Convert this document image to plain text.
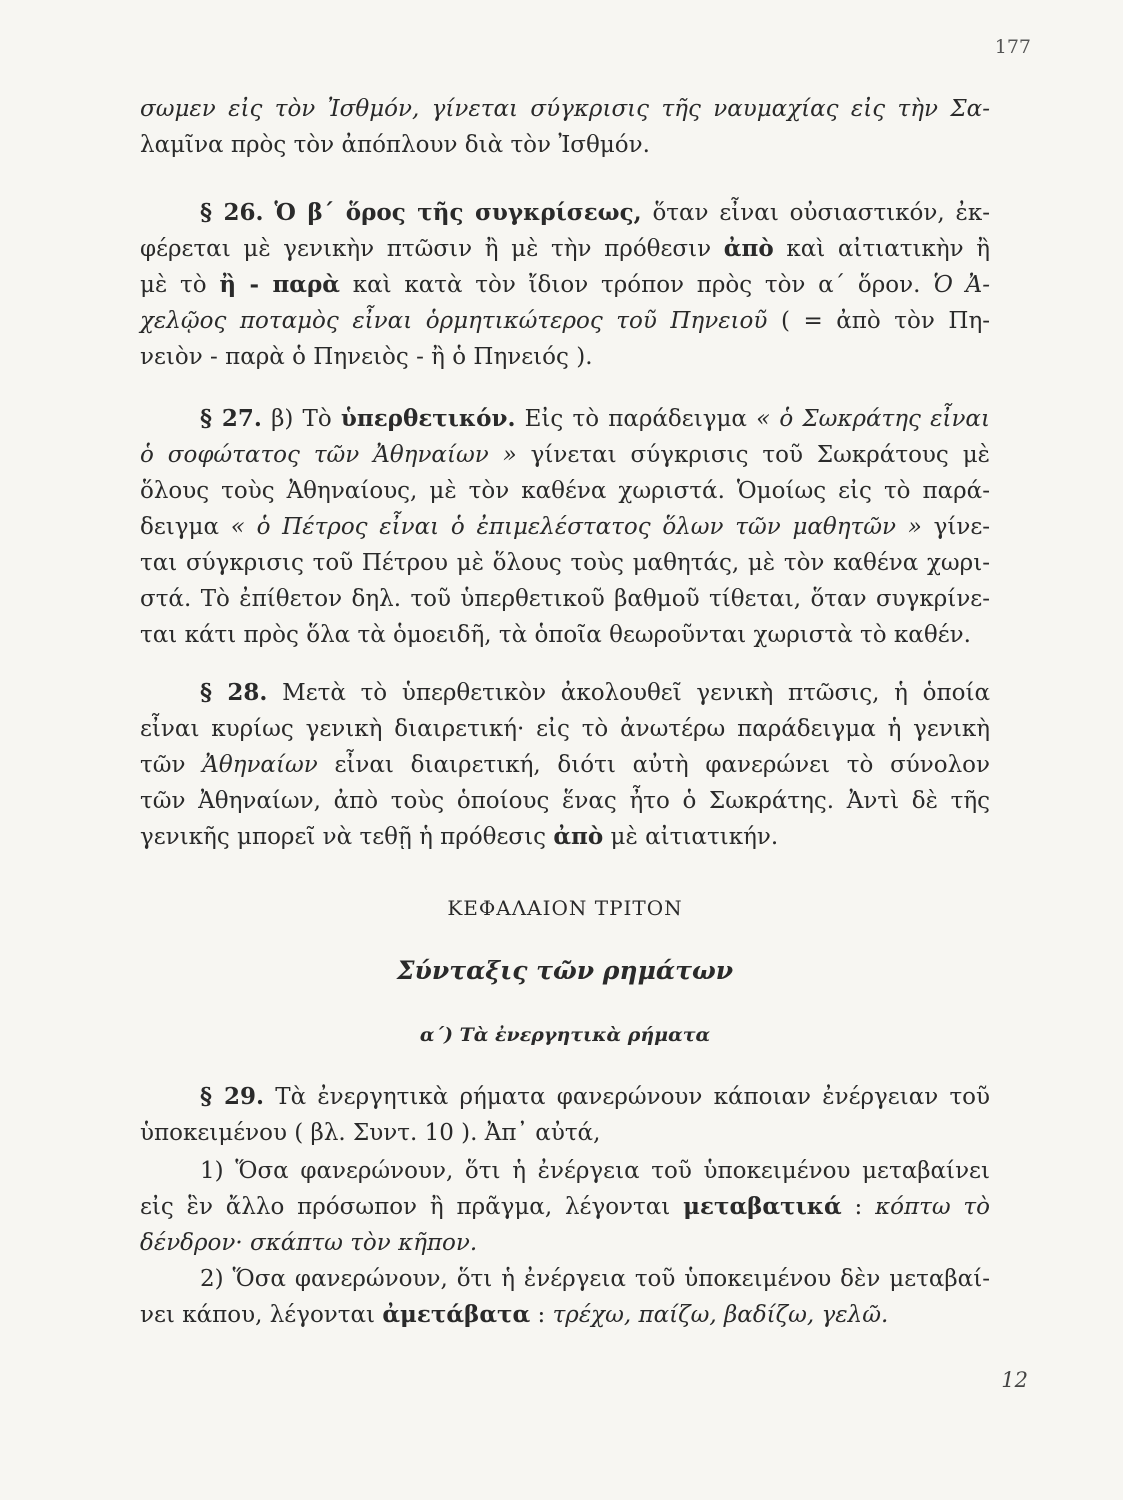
177
σωμεν εἰς τὸν Ἰσθμόν, γίνεται σύγκρισις τῆς ναυμαχίας εἰς τὴν Σα-
λαμῖνα πρὸς τὸν ἀπόπλουν διὰ τὸν Ἰσθμόν.
§ 26. Ὁ β΄ ὅρος τῆς συγκρίσεως, ὅταν εἶναι οὐσιαστικόν, ἐκ-
φέρεται μὲ γενικὴν πτῶσιν ἢ μὲ τὴν πρόθεσιν ἀπὸ καὶ αἰτιατικὴν ἢ
μὲ τὸ ἢ - παρὰ καὶ κατὰ τὸν ἴδιον τρόπον πρὸς τὸν α΄ ὅρον. Ὁ Ἀ-
χελῷος ποταμὸς εἶναι ὁρμητικώτερος τοῦ Πηνειοῦ ( = ἀπὸ τὸν Πη-
νειὸν - παρὰ ὁ Πηνειὸς - ἢ ὁ Πηνειός ).
§ 27. β) Τὸ ὑπερθετικόν. Εἰς τὸ παράδειγμα « ὁ Σωκράτης εἶναι
ὁ σοφώτατος τῶν Ἀθηναίων » γίνεται σύγκρισις τοῦ Σωκράτους μὲ
ὅλους τοὺς Ἀθηναίους, μὲ τὸν καθένα χωριστά. Ὁμοίως εἰς τὸ παρά-
δειγμα « ὁ Πέτρος εἶναι ὁ ἐπιμελέστατος ὅλων τῶν μαθητῶν » γίνε-
ται σύγκρισις τοῦ Πέτρου μὲ ὅλους τοὺς μαθητάς, μὲ τὸν καθένα χωρι-
στά. Τὸ ἐπίθετον δηλ. τοῦ ὑπερθετικοῦ βαθμοῦ τίθεται, ὅταν συγκρίνε-
ται κάτι πρὸς ὅλα τὰ ὁμοειδῆ, τὰ ὁποῖα θεωροῦνται χωριστὰ τὸ καθέν.
§ 28. Μετὰ τὸ ὑπερθετικὸν ἀκολουθεῖ γενικὴ πτῶσις, ἡ ὁποία
εἶναι κυρίως γενικὴ διαιρετική· εἰς τὸ ἀνωτέρω παράδειγμα ἡ γενικὴ
τῶν Ἀθηναίων εἶναι διαιρετική, διότι αὐτὴ φανερώνει τὸ σύνολον
τῶν Ἀθηναίων, ἀπὸ τοὺς ὁποίους ἕνας ἦτο ὁ Σωκράτης. Ἀντὶ δὲ τῆς
γενικῆς μπορεῖ νὰ τεθῇ ἡ πρόθεσις ἀπὸ μὲ αἰτιατικήν.
ΚΕΦΑΛΑΙΟΝ ΤΡΙΤΟΝ
Σύνταξις τῶν ρημάτων
α΄) Τὰ ἐνεργητικὰ ρήματα
§ 29. Τὰ ἐνεργητικὰ ρήματα φανερώνουν κάποιαν ἐνέργειαν τοῦ
ὑποκειμένου ( βλ. Συντ. 10 ). Ἀπ᾽ αὐτά,
1) Ὅσα φανερώνουν, ὅτι ἡ ἐνέργεια τοῦ ὑποκειμένου μεταβαίνει
εἰς ἓν ἄλλο πρόσωπον ἢ πρᾶγμα, λέγονται μεταβατικά : κόπτω τὸ
δένδρον· σκάπτω τὸν κῆπον.
2) Ὅσα φανερώνουν, ὅτι ἡ ἐνέργεια τοῦ ὑποκειμένου δὲν μεταβαί-
νει κάπου, λέγονται ἀμετάβατα : τρέχω, παίζω, βαδίζω, γελῶ.
12
